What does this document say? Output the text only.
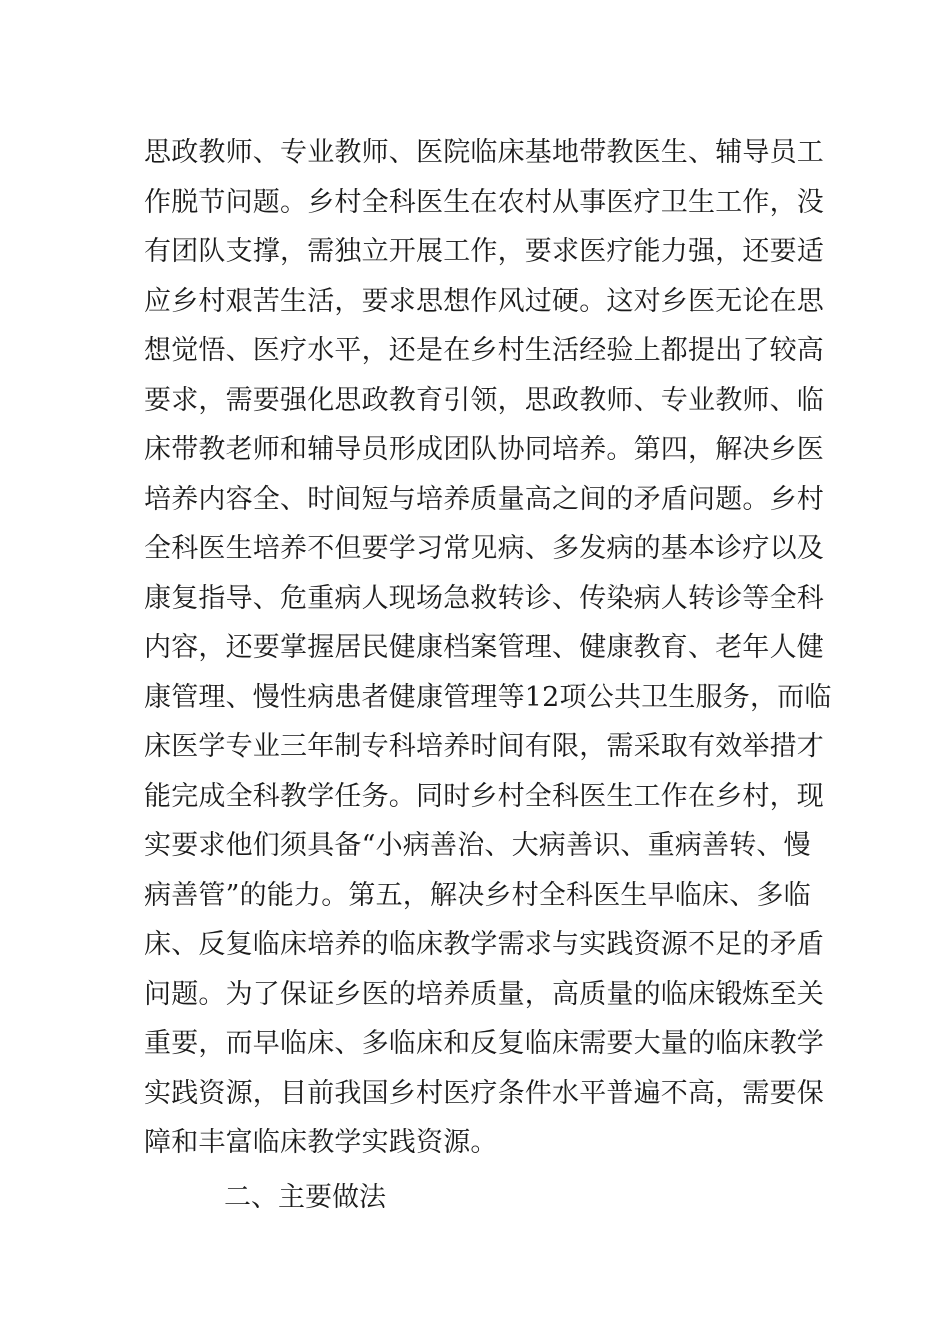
思政教师、专业教师、医院临床基地带教医生、辅导员工
作脱节问题。乡村全科医生在农村从事医疗卫生工作，没
有团队支撑，需独立开展工作，要求医疗能力强，还要适
应乡村艰苦生活，要求思想作风过硬。这对乡医无论在思
想觉悟、医疗水平，还是在乡村生活经验上都提出了较高
要求，需要强化思政教育引领，思政教师、专业教师、临
床带教老师和辅导员形成团队协同培养。第四，解决乡医
培养内容全、时间短与培养质量高之间的矛盾问题。乡村
全科医生培养不但要学习常见病、多发病的基本诊疗以及
康复指导、危重病人现场急救转诊、传染病人转诊等全科
内容，还要掌握居民健康档案管理、健康教育、老年人健
康管理、慢性病患者健康管理等12项公共卫生服务，而临
床医学专业三年制专科培养时间有限，需采取有效举措才
能完成全科教学任务。同时乡村全科医生工作在乡村，现
实要求他们须具备“小病善治、大病善识、重病善转、慢
病善管”的能力。第五，解决乡村全科医生早临床、多临
床、反复临床培养的临床教学需求与实践资源不足的矛盾
问题。为了保证乡医的培养质量，高质量的临床锻炼至关
重要，而早临床、多临床和反复临床需要大量的临床教学
实践资源，目前我国乡村医疗条件水平普遍不高，需要保
障和丰富临床教学实践资源。
二、主要做法
